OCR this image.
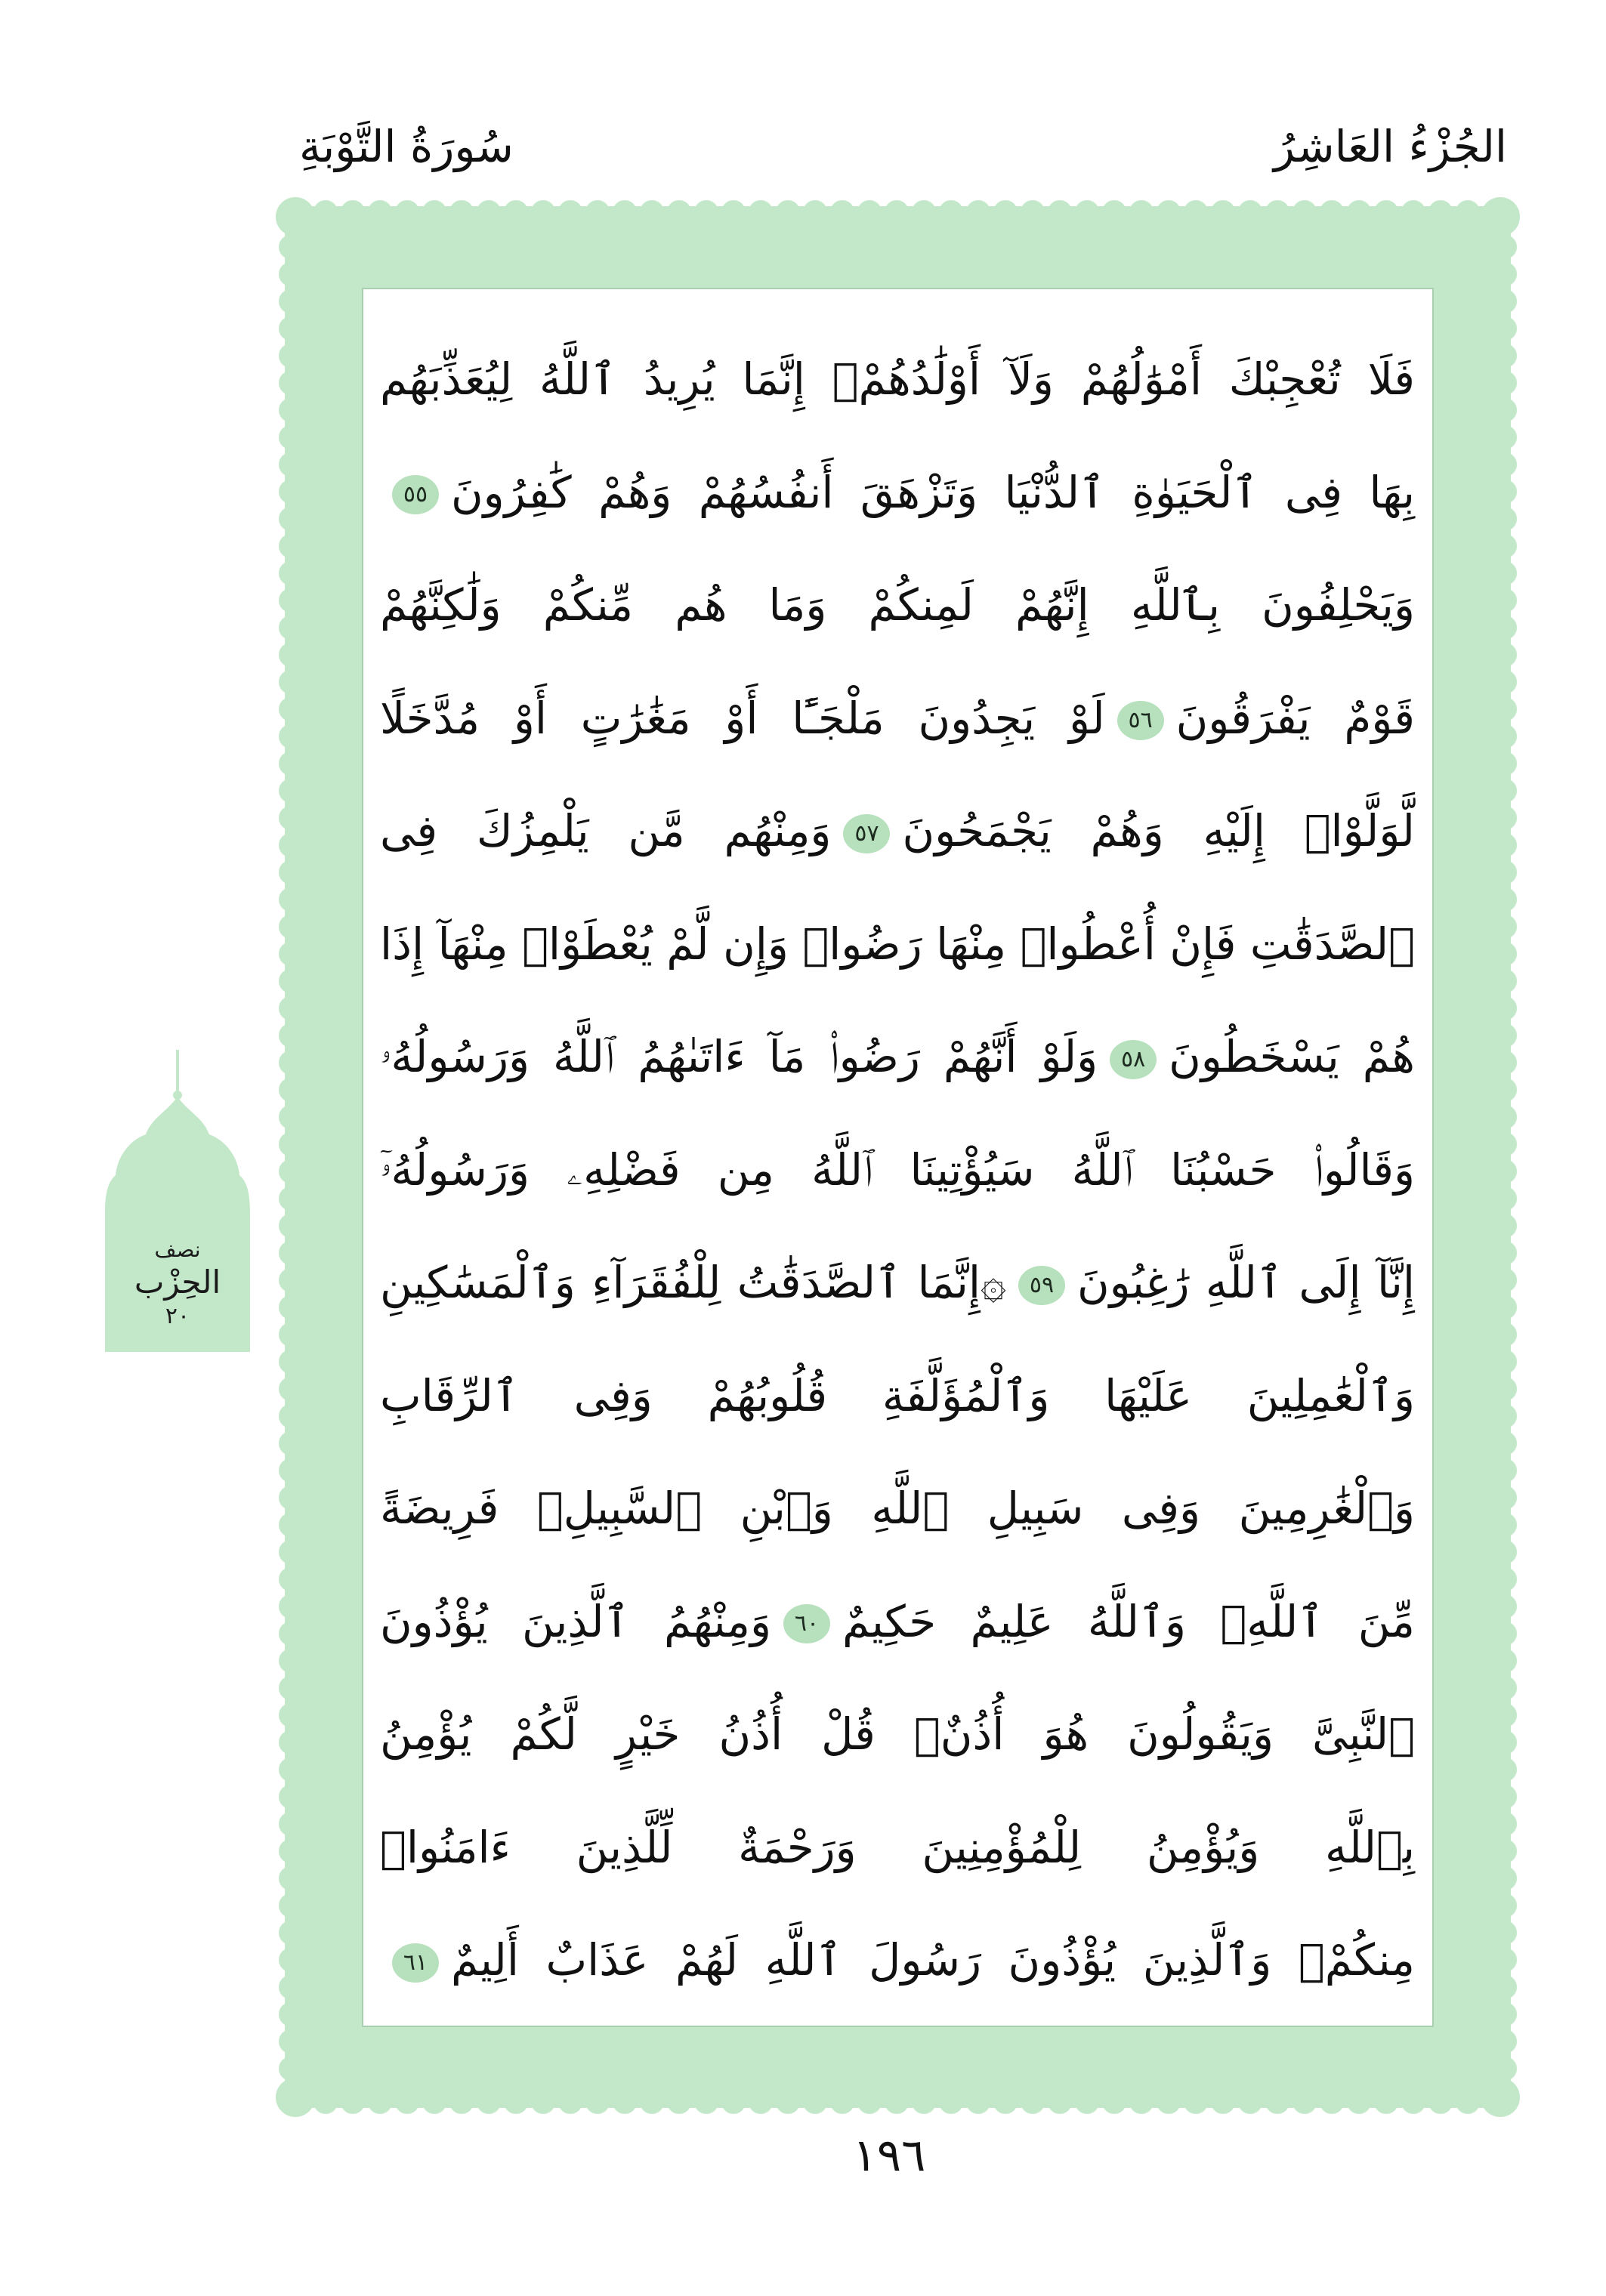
الجُزْءُ العَاشِرُ
سُورَةُ التَّوْبَةِ
فَلَا تُعْجِبْكَ أَمْوَٰلُهُمْ وَلَآ أَوْلَٰدُهُمْۚ إِنَّمَا يُرِيدُ ٱللَّهُ لِيُعَذِّبَهُم
بِهَا فِى ٱلْحَيَوٰةِ ٱلدُّنْيَا وَتَزْهَقَ أَنفُسُهُمْ وَهُمْ كَٰفِرُونَ٥٥
وَيَحْلِفُونَ بِٱللَّهِ إِنَّهُمْ لَمِنكُمْ وَمَا هُم مِّنكُمْ وَلَٰكِنَّهُمْ
قَوْمٌ يَفْرَقُونَ٥٦لَوْ يَجِدُونَ مَلْجَـًٔا أَوْ مَغَٰرَٰتٍ أَوْ مُدَّخَلًا
لَّوَلَّوْا۟ إِلَيْهِ وَهُمْ يَجْمَحُونَ٥٧وَمِنْهُم مَّن يَلْمِزُكَ فِى
ٱلصَّدَقَٰتِ فَإِنْ أُعْطُوا۟ مِنْهَا رَضُوا۟ وَإِن لَّمْ يُعْطَوْا۟ مِنْهَآ إِذَا
هُمْ يَسْخَطُونَ٥٨وَلَوْ أَنَّهُمْ رَضُوا۟ مَآ ءَاتَىٰهُمُ ٱللَّهُ وَرَسُولُهُۥ
وَقَالُوا۟ حَسْبُنَا ٱللَّهُ سَيُؤْتِينَا ٱللَّهُ مِن فَضْلِهِۦ وَرَسُولُهُۥٓ
إِنَّآ إِلَى ٱللَّهِ رَٰغِبُونَ٥٩۞إِنَّمَا ٱلصَّدَقَٰتُ لِلْفُقَرَآءِ وَٱلْمَسَٰكِينِ
وَٱلْعَٰمِلِينَ عَلَيْهَا وَٱلْمُؤَلَّفَةِ قُلُوبُهُمْ وَفِى ٱلرِّقَابِ
وَٱلْغَٰرِمِينَ وَفِى سَبِيلِ ٱللَّهِ وَٱبْنِ ٱلسَّبِيلِۖ فَرِيضَةً
مِّنَ ٱللَّهِۗ وَٱللَّهُ عَلِيمٌ حَكِيمٌ٦٠وَمِنْهُمُ ٱلَّذِينَ يُؤْذُونَ
ٱلنَّبِىَّ وَيَقُولُونَ هُوَ أُذُنٌۚ قُلْ أُذُنُ خَيْرٍ لَّكُمْ يُؤْمِنُ
بِٱللَّهِ وَيُؤْمِنُ لِلْمُؤْمِنِينَ وَرَحْمَةٌ لِّلَّذِينَ ءَامَنُوا۟
مِنكُمْۚ وَٱلَّذِينَ يُؤْذُونَ رَسُولَ ٱللَّهِ لَهُمْ عَذَابٌ أَلِيمٌ٦١
نصف
الحِزْب
٢٠
١٩٦
